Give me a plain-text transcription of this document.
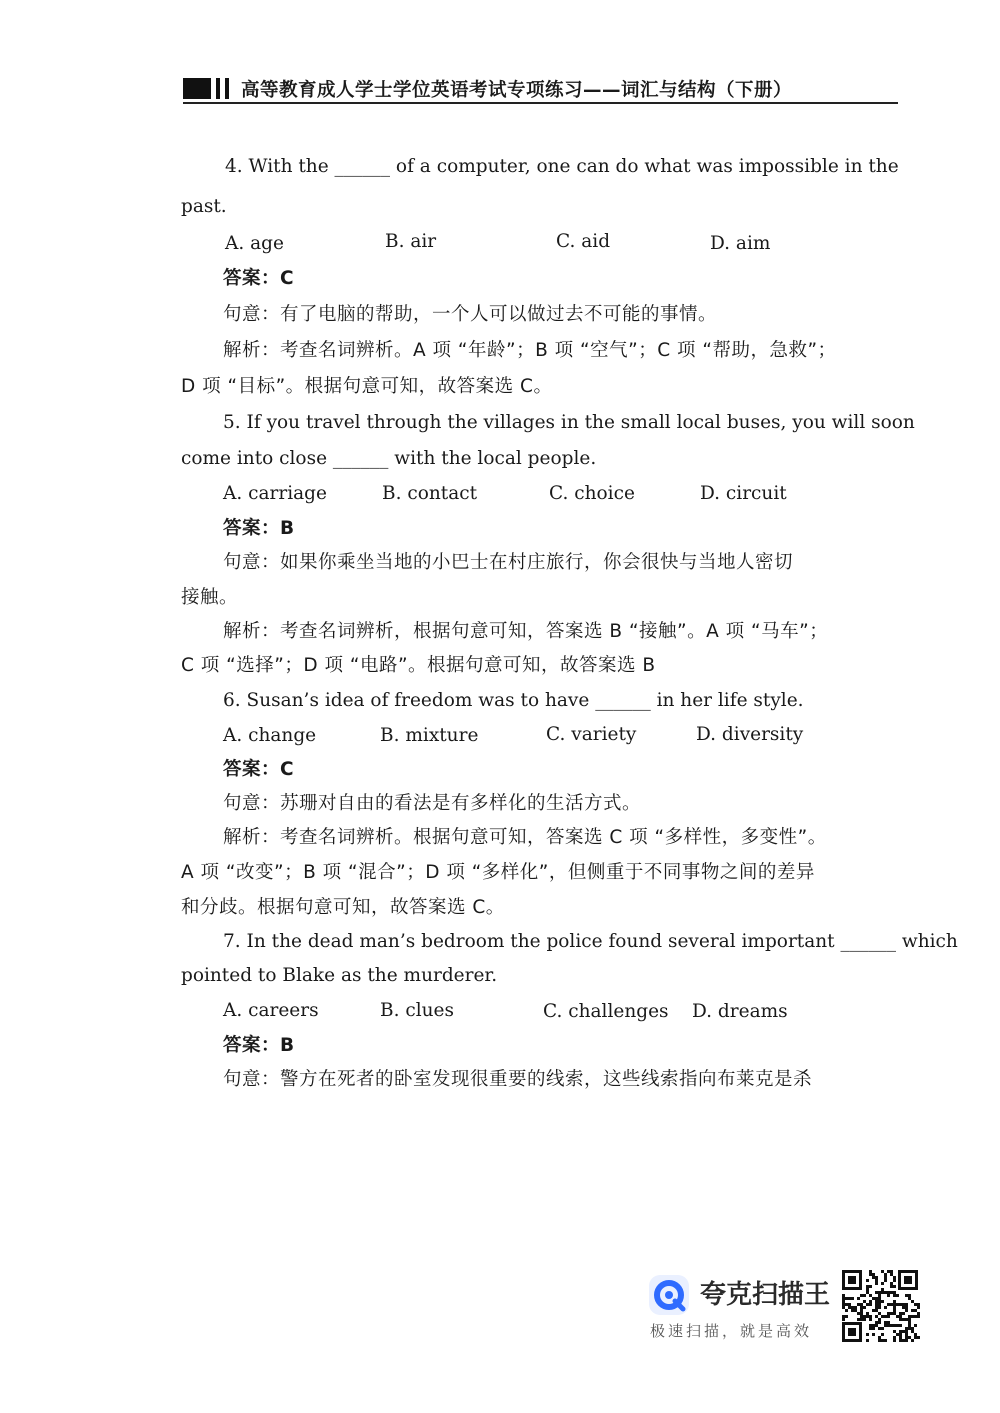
高等教育成人学士学位英语考试专项练习——词汇与结构（下册）
4. With the ______ of a computer, one can do what was impossible in the
past.
A. age	B. air	C. aid	D. aim
答案：C
句意：有了电脑的帮助，一个人可以做过去不可能的事情。
解析：考查名词辨析。A 项 “年龄”；B 项 “空气”；C 项 “帮助，急救”；
D 项 “目标”。根据句意可知，故答案选 C。
5. If you travel through the villages in the small local buses, you will soon
come into close ______ with the local people.
A. carriage	B. contact	C. choice	D. circuit
答案：B
句意：如果你乘坐当地的小巴士在村庄旅行，你会很快与当地人密切
接触。
解析：考查名词辨析，根据句意可知，答案选 B “接触”。A 项 “马车”；
C 项 “选择”；D 项 “电路”。根据句意可知，故答案选 B
6. Susan’s idea of freedom was to have ______ in her life style.
A. change	B. mixture	C. variety	D. diversity
答案：C
句意：苏珊对自由的看法是有多样化的生活方式。
解析：考查名词辨析。根据句意可知，答案选 C 项 “多样性，多变性”。
A 项 “改变”；B 项 “混合”；D 项 “多样化”，但侧重于不同事物之间的差异
和分歧。根据句意可知，故答案选 C。
7. In the dead man’s bedroom the police found several important ______ which
pointed to Blake as the murderer.
A. careers	B. clues	C. challenges D. dreams
答案：B
句意：警方在死者的卧室发现很重要的线索，这些线索指向布莱克是杀
夸克扫描王
极速扫描，就是高效
